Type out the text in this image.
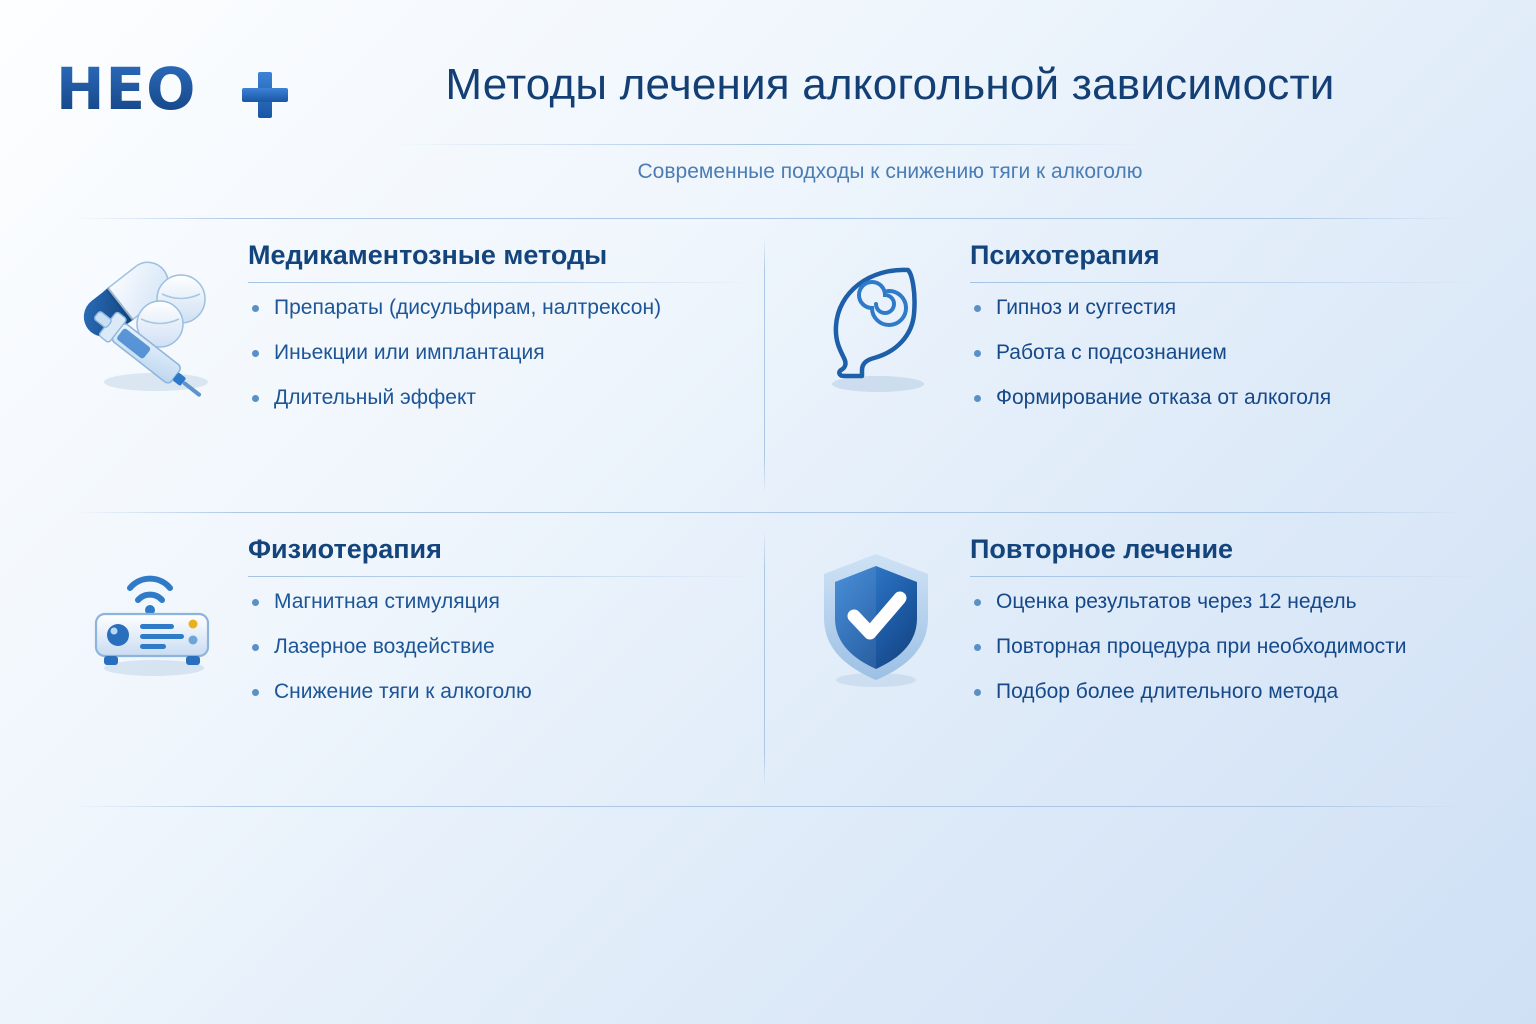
HEO	Методы лечения алкогольной зависимости
Современные подходы к снижению тяги к алкоголю
Медикаментозные методы
Препараты (дисульфирам, налтрексон)
Иньекции или имплантация
Длительный эффект
Психотерапия
Гипноз и суггестия
Работа с подсознанием
Формирование отказа от алкоголя
Физиотерапия
Магнитная стимуляция
Лазерное воздействие
Снижение тяги к алкоголю
Повторное лечение
Оценка результатов через 12 недель
Повторная процедура при необходимости
Подбор более длительного метода
